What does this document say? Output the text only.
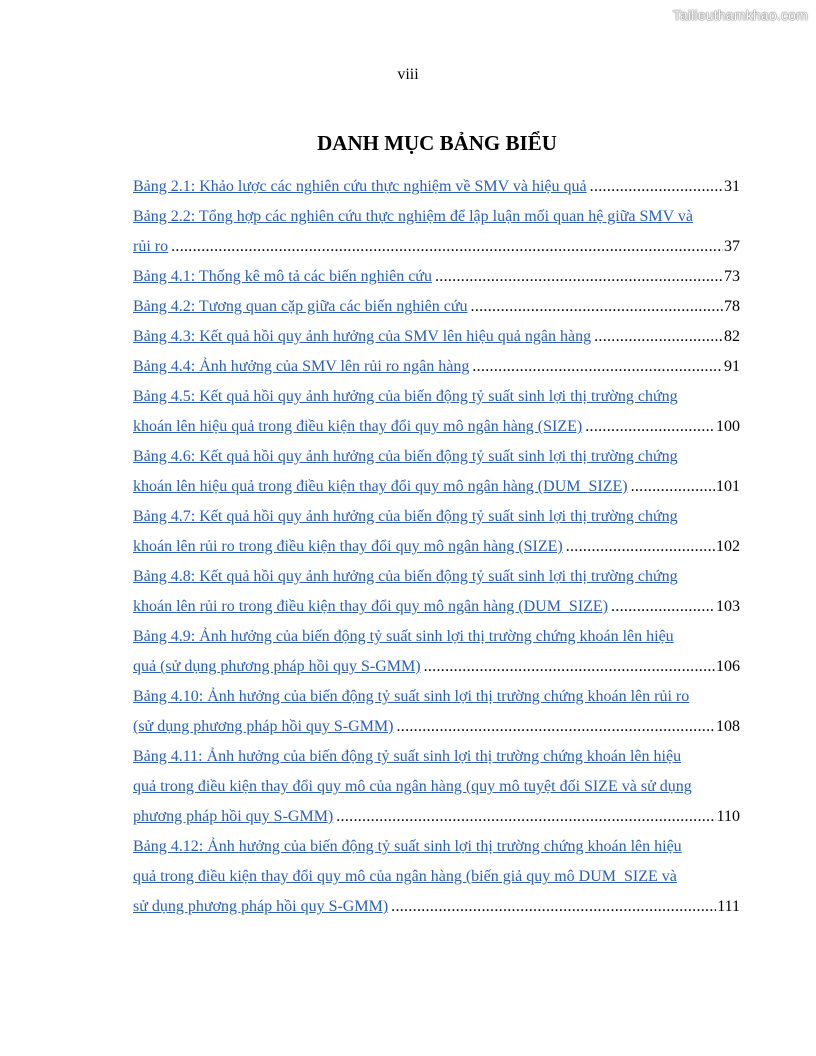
Tailieuthamkhao.com
viii
DANH MỤC BẢNG BIỂU
Bảng 2.1: Khảo lược các nghiên cứu thực nghiệm về SMV và hiệu quả .....	31
Bảng 2.2: Tổng hợp các nghiên cứu thực nghiệm để lập luận mối quan hệ giữa SMV và
rủi ro .....	37
Bảng 4.1: Thống kê mô tả các biến nghiên cứu .....	73
Bảng 4.2: Tương quan cặp giữa các biến nghiên cứu .....	78
Bảng 4.3: Kết quả hồi quy ảnh hưởng của SMV lên hiệu quả ngân hàng .....	82
Bảng 4.4: Ảnh hưởng của SMV lên rủi ro ngân hàng .....	91
Bảng 4.5: Kết quả hồi quy ảnh hưởng của biến động tỷ suất sinh lợi thị trường chứng
khoán lên hiệu quả trong điều kiện thay đổi quy mô ngân hàng (SIZE) .....	100
Bảng 4.6: Kết quả hồi quy ảnh hưởng của biến động tỷ suất sinh lợi thị trường chứng
khoán lên hiệu quả trong điều kiện thay đổi quy mô ngân hàng (DUM_SIZE) .....	101
Bảng 4.7: Kết quả hồi quy ảnh hưởng của biến động tỷ suất sinh lợi thị trường chứng
khoán lên rủi ro trong điều kiện thay đổi quy mô ngân hàng (SIZE) .....	102
Bảng 4.8: Kết quả hồi quy ảnh hưởng của biến động tỷ suất sinh lợi thị trường chứng
khoán lên rủi ro trong điều kiện thay đổi quy mô ngân hàng (DUM_SIZE) .....	103
Bảng 4.9: Ảnh hưởng của biến động tỷ suất sinh lợi thị trường chứng khoán lên hiệu
quả (sử dụng phương pháp hồi quy S-GMM) .....	106
Bảng 4.10: Ảnh hưởng của biến động tỷ suất sinh lợi thị trường chứng khoán lên rủi ro
(sử dụng phương pháp hồi quy S-GMM) .....	108
Bảng 4.11: Ảnh hưởng của biến động tỷ suất sinh lợi thị trường chứng khoán lên hiệu
quả trong điều kiện thay đổi quy mô của ngân hàng (quy mô tuyệt đối SIZE và sử dụng
phương pháp hồi quy S-GMM) .....	110
Bảng 4.12: Ảnh hưởng của biến động tỷ suất sinh lợi thị trường chứng khoán lên hiệu
quả trong điều kiện thay đổi quy mô của ngân hàng (biến giả quy mô DUM_SIZE và
sử dụng phương pháp hồi quy S-GMM) .....	111
